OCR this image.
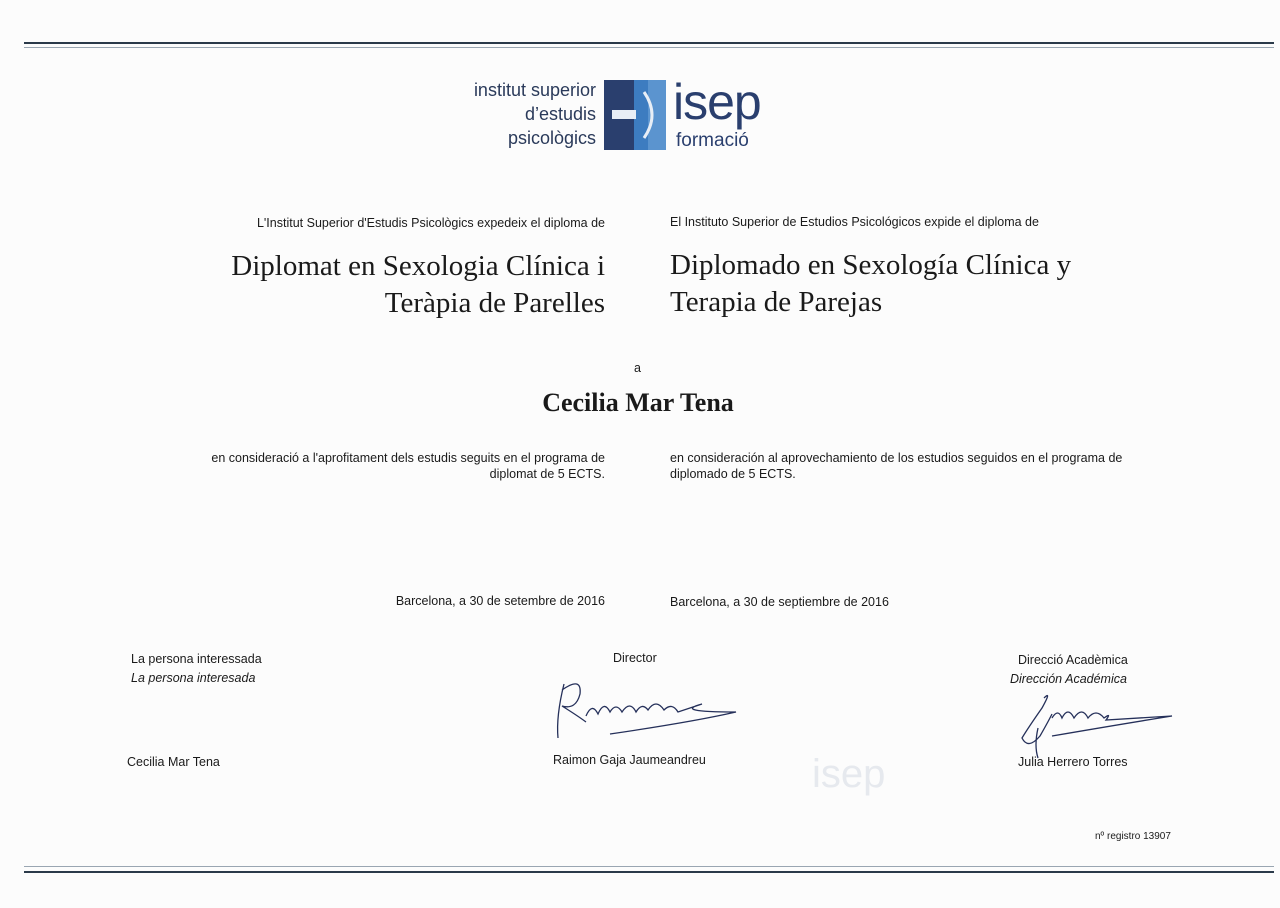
institut superior
d’estudis
psicològics
isep
formació
L'Institut Superior d'Estudis Psicològics expedeix el diploma de	El Instituto Superior de Estudios Psicológicos expide el diploma de
Diplomat en Sexologia Clínica i
Teràpia de Parelles
Diplomado en Sexología Clínica y
Terapia de Parejas
a
Cecilia Mar Tena
en consideració a l'aprofitament dels estudis seguits en el programa de
diplomat de 5 ECTS.
en consideración al aprovechamiento de los estudios seguidos en el programa de
diplomado de 5 ECTS.
Barcelona, a 30 de setembre de 2016	Barcelona, a 30 de septiembre de 2016
La persona interessada
La persona interesada
Cecilia Mar Tena
Director
Raimon Gaja Jaumeandreu
Direcció Acadèmica
Dirección Académica
Julia Herrero Torres
isep
nº registro 13907
